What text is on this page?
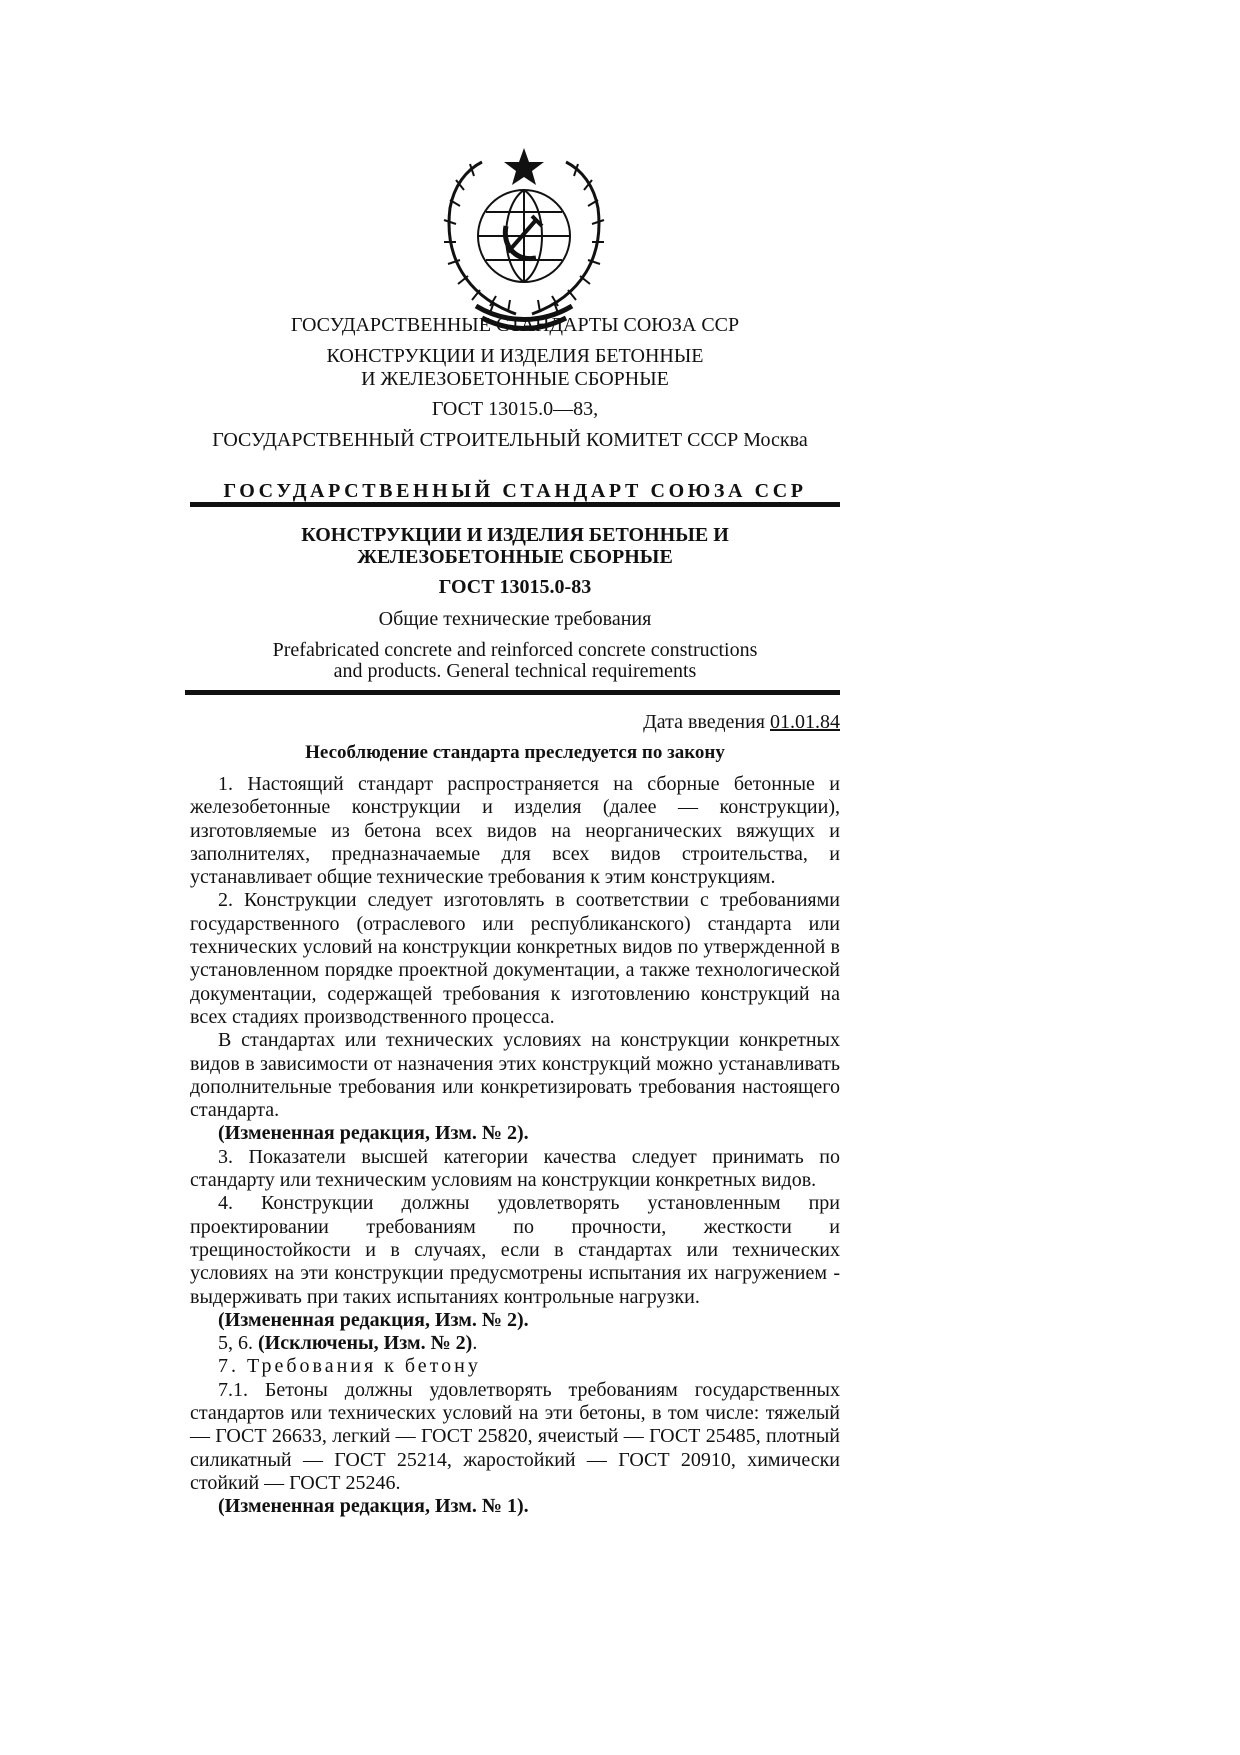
ГОСУДАРСТВЕННЫЕ СТАНДАРТЫ СОЮЗА ССР
КОНСТРУКЦИИ И ИЗДЕЛИЯ БЕТОННЫЕ
И ЖЕЛЕЗОБЕТОННЫЕ СБОРНЫЕ
ГОСТ 13015.0—83,
ГОСУДАРСТВЕННЫЙ СТРОИТЕЛЬНЫЙ КОМИТЕТ СССР Москва
ГОСУДАРСТВЕННЫЙ СТАНДАРТ СОЮЗА ССР
КОНСТРУКЦИИ И ИЗДЕЛИЯ БЕТОННЫЕ И
ЖЕЛЕЗОБЕТОННЫЕ СБОРНЫЕ
ГОСТ 13015.0-83
Общие технические требования
Prefabricated concrete and reinforced concrete constructions
and products. General technical requirements
Дата введения 01.01.84
Несоблюдение стандарта преследуется по закону

1. Настоящий стандарт распространяется на сборные бетонные и железобетонные конструкции и изделия (далее — конструкции), изготовляемые из бетона всех видов на неорганических вяжущих и заполнителях, предназначаемые для всех видов строительства, и устанавливает общие технические требования к этим конструкциям.

2. Конструкции следует изготовлять в соответствии с требованиями государственного (отраслевого или республиканского) стандарта или технических условий на конструкции конкретных видов по утвержденной в установленном порядке проектной документации, а также технологической документации, содержащей требования к изготовлению конструкций на всех стадиях производственного процесса.

В стандартах или технических условиях на конструкции конкретных видов в зависимости от назначения этих конструкций можно устанавливать дополнительные требования или конкретизировать требования настоящего стандарта.

(Измененная редакция, Изм. № 2).

3. Показатели высшей категории качества следует принимать по стандарту или техническим условиям на конструкции конкретных видов.

4. Конструкции должны удовлетворять установленным при проектировании требованиям по прочности, жесткости и трещиностойкости и в случаях, если в стандартах или технических условиях на эти конструкции предусмотрены испытания их нагружением - выдерживать при таких испытаниях контрольные нагрузки.

(Измененная редакция, Изм. № 2).

5, 6. (Исключены, Изм. № 2).

7. Требования к бетону

7.1. Бетоны должны удовлетворять требованиям государственных стандартов или технических условий на эти бетоны, в том числе: тяжелый — ГОСТ 26633, легкий — ГОСТ 25820, ячеистый — ГОСТ 25485, плотный силикатный — ГОСТ 25214, жаростойкий — ГОСТ 20910, химически стойкий — ГОСТ 25246.

(Измененная редакция, Изм. № 1).
